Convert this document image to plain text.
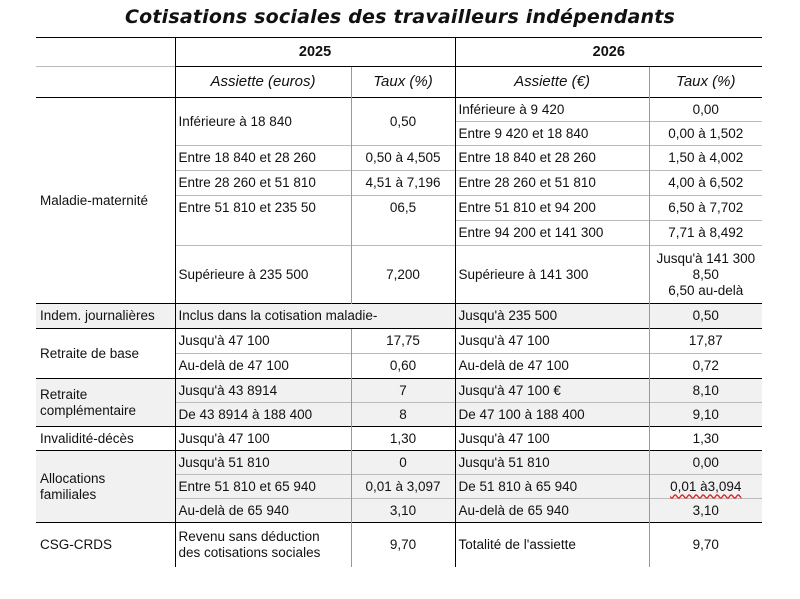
Cotisations sociales des travailleurs indépendants
	2025		2026	
	Assiette (euros)	Taux (%)	Assiette (€)	Taux (%)
Maladie-maternité	Inférieure à 18 840	0,50	Inférieure à 9 420	0,00
			Entre 9 420 et 18 840	0,00 à 1,502
	Entre 18 840 et 28 260	0,50 à 4,505	Entre 18 840 et 28 260	1,50 à 4,002
	Entre 28 260 et 51 810	4,51 à 7,196	Entre 28 260 et 51 810	4,00 à 6,502
	Entre 51 810 et 235 50	06,5	Entre 51 810 et 94 200	6,50 à 7,702
			Entre 94 200 et 141 300	7,71 à 8,492
	Supérieure à 235 500	7,200	Supérieure à 141 300	Jusqu'à 141 300
8,50
6,50 au-delà

Indem. journalières	Inclus dans la cotisation maladie-		Jusqu'à 235 500	0,50
Retraite de base	Jusqu'à 47 100	17,75	Jusqu'à 47 100	17,87
	Au-delà de 47 100	0,60	Au-delà de 47 100	0,72

Retraite
complémentaire	Jusqu'à 43 8914	7	Jusqu'à 47 100 €	8,10
	De 43 8914 à 188 400	8	De 47 100 à 188 400	9,10
Invalidité-décès	Jusqu'à 47 100	1,30	Jusqu'à 47 100	1,30

Allocations
familiales	Jusqu'à 51 810	0	Jusqu'à 51 810	0,00
	Entre 51 810 et 65 940	0,01 à 3,097	De 51 810 à 65 940	0,01 à3,094
	Au-delà de 65 940	3,10	Au-delà de 65 940	3,10
CSG-CRDS	Revenu sans déduction
des cotisations sociales	9,70	Totalité de l'assiette	9,70
